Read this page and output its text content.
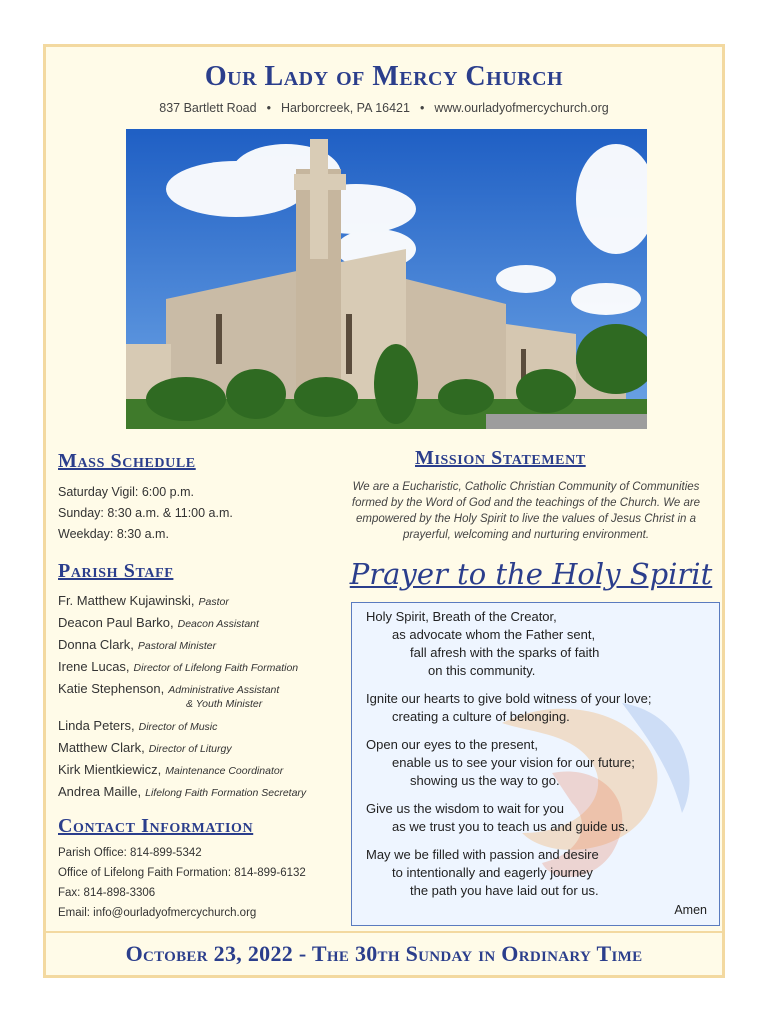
Our Lady of Mercy Church
837 Bartlett Road • Harborcreek, PA 16421 • www.ourladyofmercychurch.org
Mass Schedule
Saturday Vigil: 6:00 p.m.
Sunday: 8:30 a.m. & 11:00 a.m.
Weekday: 8:30 a.m.
Mission Statement
We are a Eucharistic, Catholic Christian Community of Communities formed by the Word of God and the teachings of the Church. We are empowered by the Holy Spirit to live the values of Jesus Christ in a prayerful, welcoming and nurturing environment.
Parish Staff
Fr. Matthew Kujawinski, Pastor
Deacon Paul Barko, Deacon Assistant
Donna Clark, Pastoral Minister
Irene Lucas, Director of Lifelong Faith Formation
Katie Stephenson, Administrative Assistant
& Youth Minister
Linda Peters, Director of Music
Matthew Clark, Director of Liturgy
Kirk Mientkiewicz, Maintenance Coordinator
Andrea Maille, Lifelong Faith Formation Secretary
Contact Information
Parish Office: 814-899-5342
Office of Lifelong Faith Formation: 814-899-6132
Fax: 814-898-3306
Email: info@ourladyofmercychurch.org
Prayer to the Holy Spirit
Holy Spirit, Breath of the Creator,
as advocate whom the Father sent,
fall afresh with the sparks of faith
on this community.
Ignite our hearts to give bold witness of your love;
creating a culture of belonging.
Open our eyes to the present,
enable us to see your vision for our future;
showing us the way to go.
Give us the wisdom to wait for you
as we trust you to teach us and guide us.
May we be filled with passion and desire
to intentionally and eagerly journey
the path you have laid out for us.
Amen
October 23, 2022 - The 30th Sunday in Ordinary Time
